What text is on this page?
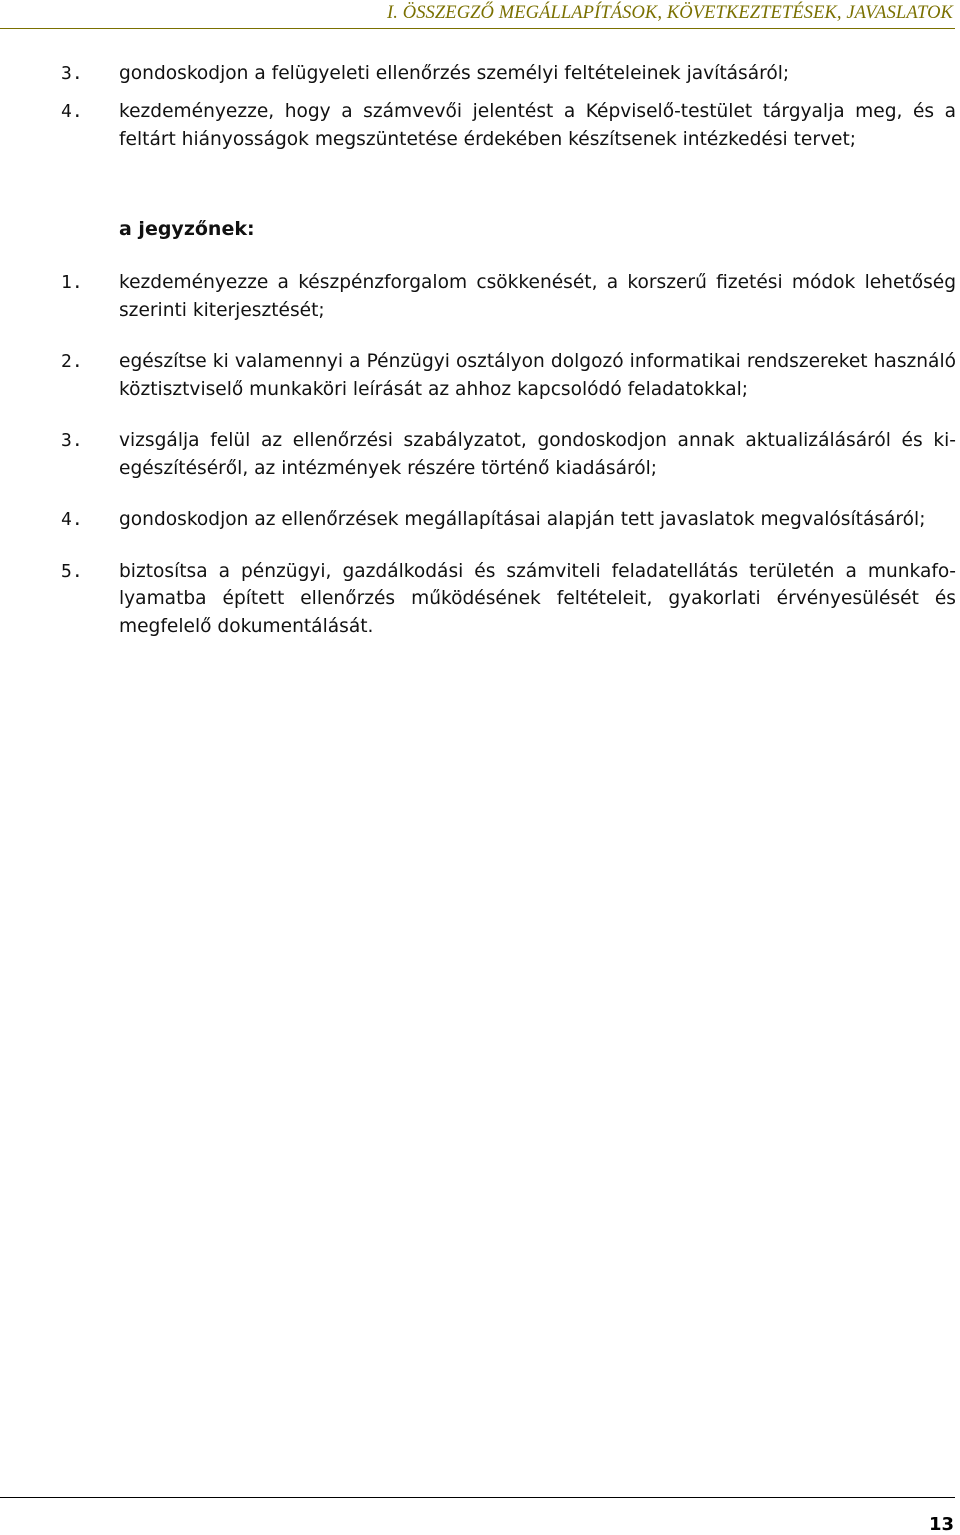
I. ÖSSZEGZŐ MEGÁLLAPÍTÁSOK, KÖVETKEZTETÉSEK, JAVASLATOK
3. gondoskodjon a felügyeleti ellenőrzés személyi feltételeinek javításáról;
4. kezdeményezze, hogy a számvevői jelentést a Képviselő-testület tárgyalja meg, és a feltárt hiányosságok megszüntetése érdekében készítsenek intézkedési tervet;
a jegyzőnek:
1. kezdeményezze a készpénzforgalom csökkenését, a korszerű fizetési módok lehetőség szerinti kiterjesztését;
2. egészítse ki valamennyi a Pénzügyi osztályon dolgozó informatikai rendszereket használó köztisztviselő munkaköri leírását az ahhoz kapcsolódó feladatokkal;
3. vizsgálja felül az ellenőrzési szabályzatot, gondoskodjon annak aktualizálásáról és kiegészítéséről, az intézmények részére történő kiadásáról;
4. gondoskodjon az ellenőrzések megállapításai alapján tett javaslatok megvalósításáról;
5. biztosítsa a pénzügyi, gazdálkodási és számviteli feladatellátás területén a munkafolyamatba épített ellenőrzés működésének feltételeit, gyakorlati érvényesülését és megfelelő dokumentálását.
13
